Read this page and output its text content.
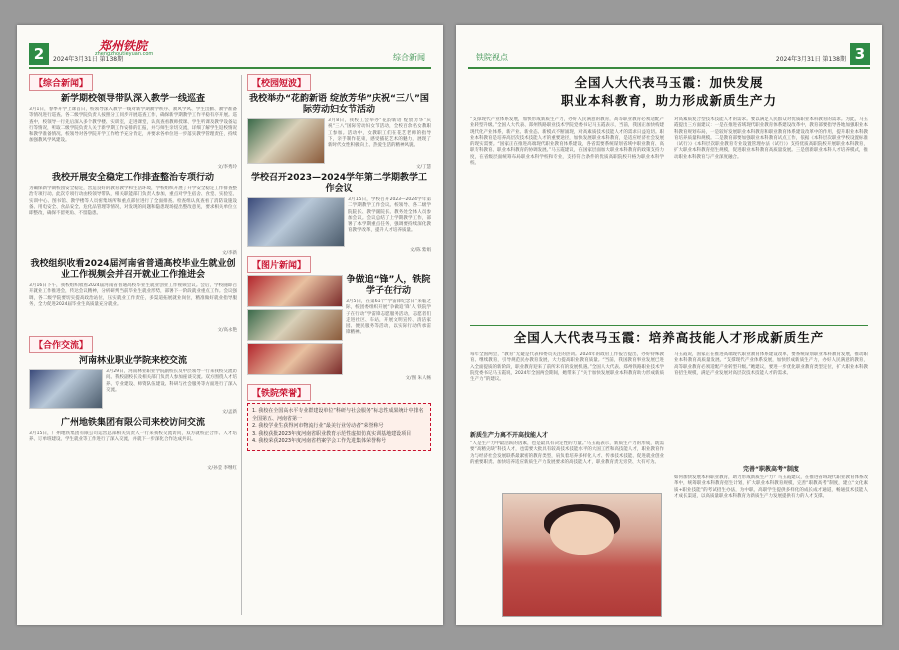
2	2024年3月31日 第138期
郑州铁院
zhengzhoutieyuan.com	综合新闻
【综合新闻】
新学期校领导带队深入教学一线巡查
3月1日，春季开学上课首日，校领导深入教学一线对新学期教学秩序、教风学风、学生出勤、教学准备等情况进行巡查。各二级学院负责人按照分工同步开展巡查工作，确保新学期教学工作平稳有序开展。巡查中，校领导一行先后深入多个教学楼、实训室，走进课堂，认真查看教师授课、学生听课及教学设备运行等情况，听取二级学院负责人关于新学期工作安排的汇报，并与师生亲切交流，详细了解学生返校情况和教学准备情况。校领导对各学院开学工作给予充分肯定，并要求各单位进一步落实教学管理责任，持续加强教风学风建设。
文/李秀玲
我校开展安全稳定工作排查整治专项行动
为确保新学期校园安全稳定，营造良好的教育教学和生活环境，学校组织开展了开学安全稳定工作排查整治专项行动。此次专项行动由校领导带队，相关职能部门负责人参加，重点对学生宿舍、食堂、实验室、实训中心、图书馆、教学楼等人员密集场所和重点部位进行了全面排查。检查组认真查看了消防设施设备、用电安全、食品安全、危化品管理等情况，对发现的问题和隐患现场提出整改意见，要求相关单位立即整改，确保不留死角、不留隐患。
文/李新
我校组织收看2024届河南省普通高校毕业生就业创业工作视频会并召开就业工作推进会
3月16日下午，我校组织收看2024届河南省普通高校毕业生就业创业工作视频会议。会后，学校随即召开就业工作推进会，传达会议精神，分析研判当前毕业生就业形势，部署下一阶段就业重点工作。会议强调，各二级学院要切实提高政治站位，压实就业工作责任，多渠道拓展就业岗位，精准做好就业指导服务，全力促进2024届毕业生高质量充分就业。
文/高永艳
【合作交流】
河南林业职业学院来校交流
3月29日，河南林业职业学院副校长及中层领导一行来我校交流访问。我校副校长及相关部门负责人参加座谈交流。双方围绕人才培养、专业建设、师资队伍建设、科研与社会服务等方面进行了深入交流。
文/孟新
广州地铁集团有限公司来校访问交流
3月15日，广州地铁集团有限公司运营总部相关负责人一行来我校交流访问，双方就校企合作、人才培养、订单班建设、学生就业等工作进行了深入交流，并就下一步深化合作达成共识。
文/孙莹 李继红
【校园短波】
我校举办“花韵新语 绽放芳华”庆祝“三八”国际劳动妇女节活动
3月8日，我校工会举办“花韵新语 绽放芳华”庆祝“三八”国际劳动妇女节活动，全校百余名女教职工参加。活动中，女教职工们在花艺老师的指导下，亲手制作花束，感受插花艺术的魅力，展现了新时代女性积极向上、热爱生活的精神风貌。
文/丁慧
学校召开2023—2024学年第二学期教学工作会议
3月15日，学校召开2023—2024学年第二学期教学工作会议。校领导、各二级学院院长、教学副院长、教务处全体人员参加会议。会议总结了上学期教学工作，部署了本学期重点任务，强调要持续深化教育教学改革，提升人才培养质量。
文/陈 紫娟
【图片新闻】
争做追“锋”人，铁院学子在行动
3月5日，在第61个“学雷锋纪念日”来临之际，校团委组织开展“争做追‘锋’人 铁院学子在行动”学雷锋志愿服务活动，志愿者们走进社区、车站，开展文明宣传、清洁家园、便民服务等活动，以实际行动传承雷锋精神。
文/图 朱人畅
【铁院荣誉】
1. 我校在全国高水平专业群建设单位“科研与社会服务”标志性成果统计中排名全国第五、河南省第一
2. 我校学业生获得河市物流行业“最美行业劳动者”荣誉称号
3. 我校获批2023年度河南省职业教育示范性虚拟仿真实训基地建设项目
4. 我校荣获2023年度河南省档案学会工作先进集体荣誉称号
铁院视点	2024年3月31日 第138期 3
全国人大代表马玉霞：加快发展
职业本科教育，助力形成新质生产力
“支撑现代产业体系发展，加快形成新质生产力，办好人民满意的教育，高等职业教育必须适配产业转型升级。”全国人大代表、郑州铁路职业技术学院党委书记马玉霞表示，当前，我国正加快构建现代化产业体系，新产业、新业态、新模式不断涌现，对高素质技术技能人才的需求日益迫切。职业本科教育是培养高层次技术技能人才的重要途径，加快发展职业本科教育，是适应经济社会发展的现实需要。“国家正在推进高端现代职业教育体系建设，各省需要系统谋划省域中职业教育、高职专科教育、职业本科教育的协调发展。”马玉霞建议，在国家层面加大职业本科教育的政策支持力度，在省级层面统筹布局职业本科学校和专业，支持符合条件的优质高职院校升格为职业本科学校。
对高素质复合型技术技能人才的需求。要以满足人民群众对优质职业本科教育的需求。为此，马玉霞提出三方面建议：一是在推进省域现代职业教育体系建设改革中，教育部要指导各地加强职业本科教育规划布局，一是较好发展职业本科教育和职业教育体系建设改革中的作用，提升职业本科教育培养质量和规模。二是教育部要加强职业本科教育试点工作，依据《本科层次职业学校设置标准（试行）》《本科层次职业教育专业设置管理办法（试行）》支持优质高职院校开展职业本科教育，扩大职业本科教育招生规模，促进职业本科教育高质量发展。三是创新职业本科人才培养模式，推动职业本科教育与产业深度融合。
全国人大代表马玉霞：培养高技能人才形成新质生产
每年全国两会，“教育”无疑是代表和委员关注的热词。2024年的政府工作报告提出，办好特殊教育、继续教育，引导规范民办教育发展，大力提高职业教育质量。“当前，我国教育事业发展已进入全面提质的新阶段，职业教育迎来了前所未有的发展机遇。”全国人大代表、郑州铁路职业技术学院党委书记马玉霞说，2024年全国两会期间，她带来了“关于加快发展职业本科教育助力形成新质生产力”的建议。
新质生产力离不开高技能人才
“人是生产力中最活跃的因素，也是最具有决定性的力量。”马玉霞表示，新质生产力的形成，既需要“高精尖缺”科技人才，也需要大批具有较高技术技能水平的大国工匠和高技能人才，职业教育作为与经济社会发展联系最紧密的教育类型，肩负着培养多样化人才、传承技术技能、促进就业创业的重要职责。加快培养适应新质生产力发展要求的高技能人才，职业教育责无旁贷、大有可为。
马玉霞说，国家正在推进高端现代职业教育体系建设改革，要系统谋划职业本科教育发展，推动职业本科教育高质量发展。“支撑现代产业体系发展，加快形成新质生产力，办好人民满意的教育，高等职业教育必须适配产业转型升级。”她建议，要进一步优化职业教育类型定位，扩大职业本科教育招生规模，满足产业发展对高层次技术技能人才的需求。
完善“职教高考”制度
如何加快发展本科职业教育，助力形成新质生产力？马玉霞建议，在推进省域现代职业教育体系改革中，统筹职业本科教育招生计划，扩大职业本科教育规模，完善“职教高考”制度，建立“文化素质+职业技能”的考试招生办法，为中职、高职学生提供多样化的成长成才通道，畅通技术技能人才成长渠道，以高质量职业本科教育为新质生产力发展提供有力的人才支撑。
